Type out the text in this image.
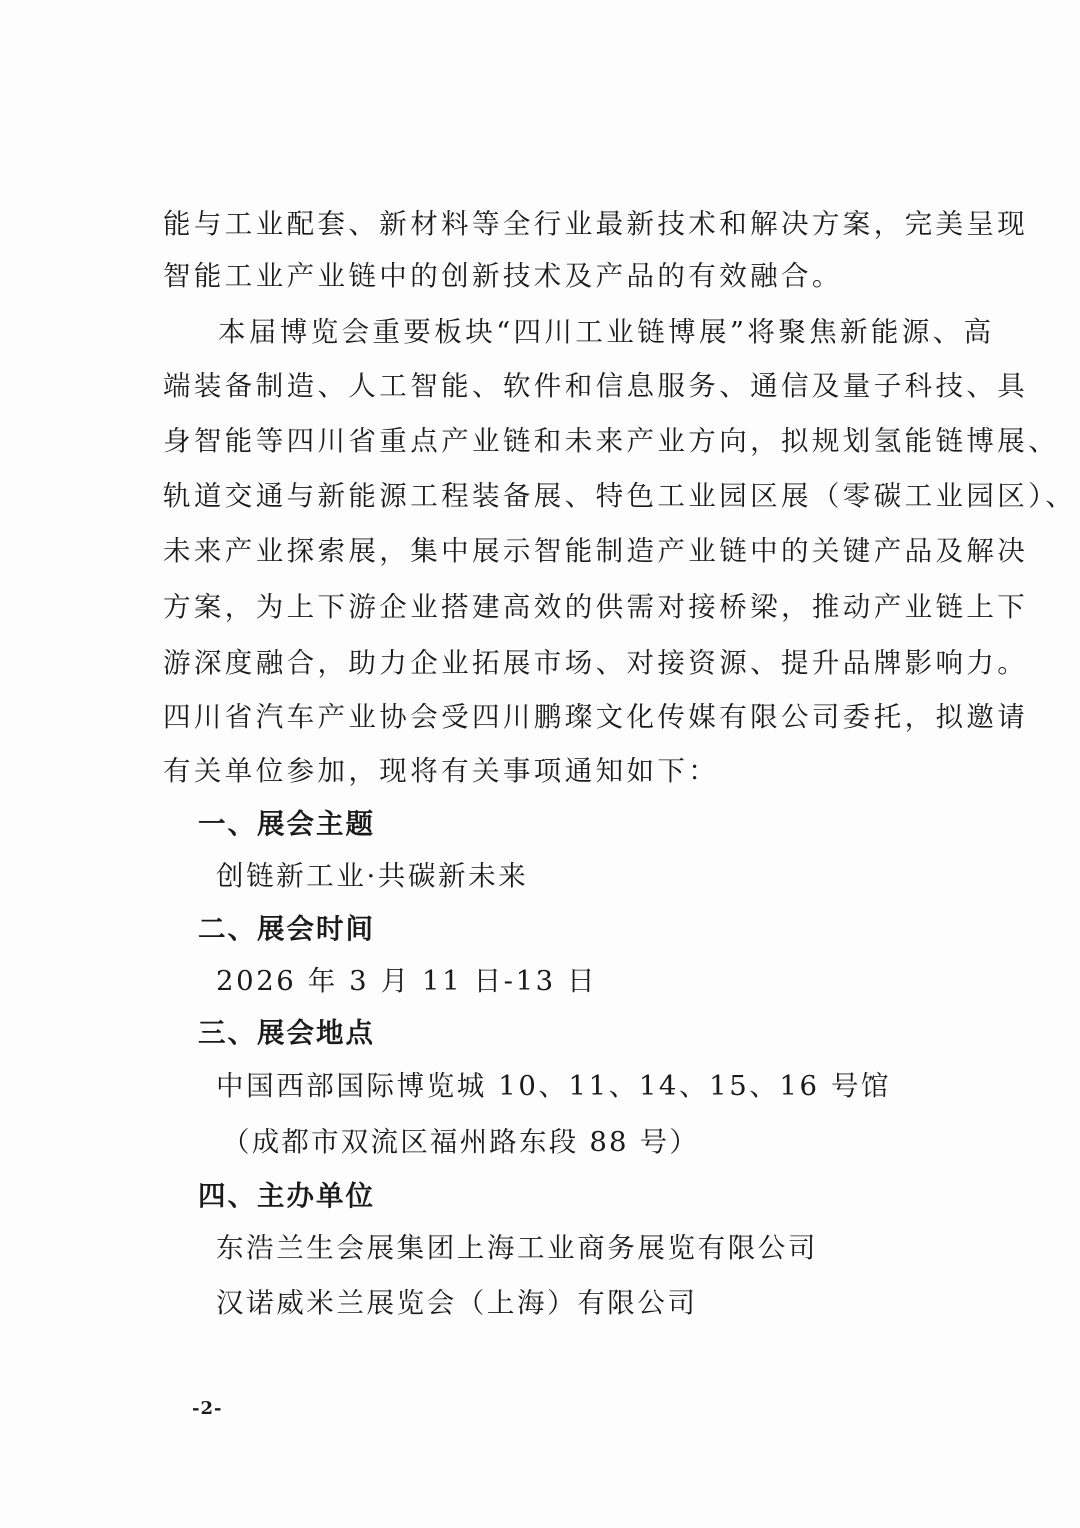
能与工业配套、新材料等全行业最新技术和解决方案，完美呈现
智能工业产业链中的创新技术及产品的有效融合。
本届博览会重要板块“四川工业链博展”将聚焦新能源、高
端装备制造、人工智能、软件和信息服务、通信及量子科技、具
身智能等四川省重点产业链和未来产业方向，拟规划氢能链博展、
轨道交通与新能源工程装备展、特色工业园区展（零碳工业园区）、
未来产业探索展，集中展示智能制造产业链中的关键产品及解决
方案，为上下游企业搭建高效的供需对接桥梁，推动产业链上下
游深度融合，助力企业拓展市场、对接资源、提升品牌影响力。
四川省汽车产业协会受四川鹏璨文化传媒有限公司委托，拟邀请
有关单位参加，现将有关事项通知如下：
一、展会主题
创链新工业·共碳新未来
二、展会时间
2026 年 3 月 11 日-13 日
三、展会地点
中国西部国际博览城 10、11、14、15、16 号馆
（成都市双流区福州路东段 88 号）
四、主办单位
东浩兰生会展集团上海工业商务展览有限公司
汉诺威米兰展览会（上海）有限公司
-2-
